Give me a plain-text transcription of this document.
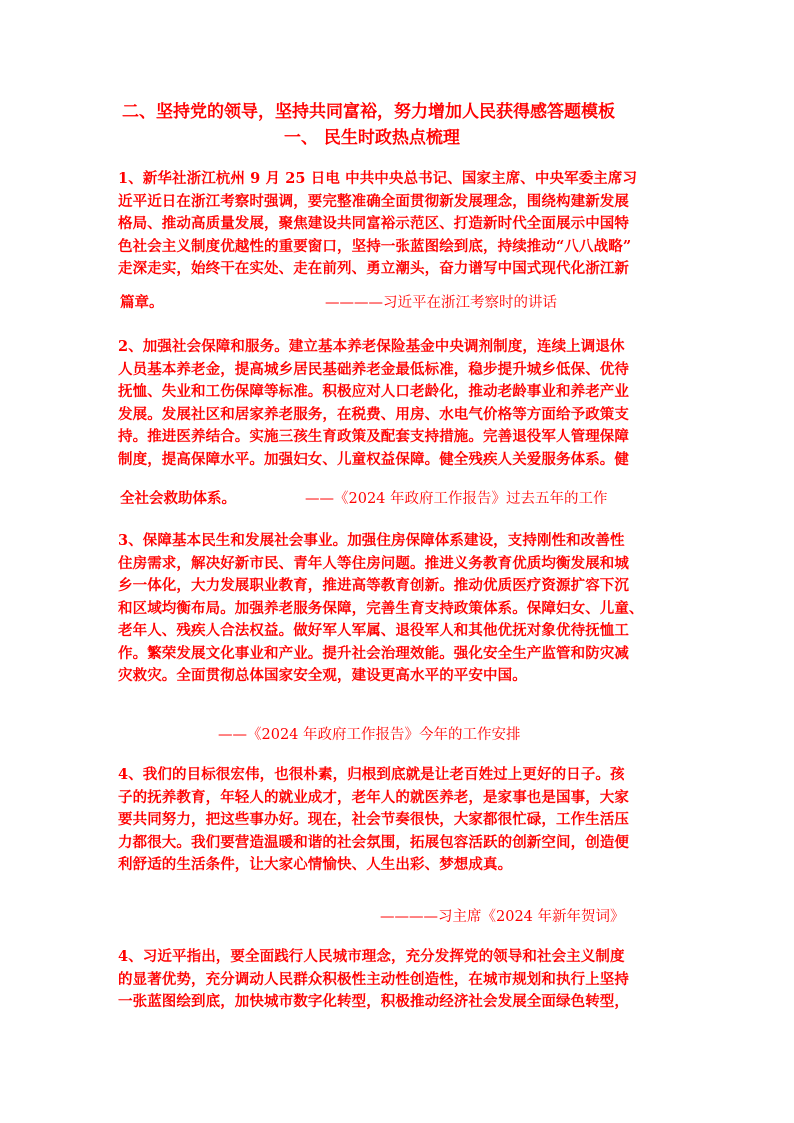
二、坚持党的领导，坚持共同富裕，努力增加人民获得感答题模板
一、 民生时政热点梳理
1、新华社浙江杭州 9 月 25 日电 中共中央总书记、国家主席、中央军委主席习
近平近日在浙江考察时强调，要完整准确全面贯彻新发展理念，围绕构建新发展
格局、推动高质量发展，聚焦建设共同富裕示范区、打造新时代全面展示中国特
色社会主义制度优越性的重要窗口，坚持一张蓝图绘到底，持续推动“八八战略”
走深走实，始终干在实处、走在前列、勇立潮头，奋力谱写中国式现代化浙江新
篇章。	————习近平在浙江考察时的讲话
2、加强社会保障和服务。建立基本养老保险基金中央调剂制度，连续上调退休
人员基本养老金，提高城乡居民基础养老金最低标准，稳步提升城乡低保、优待
抚恤、失业和工伤保障等标准。积极应对人口老龄化，推动老龄事业和养老产业
发展。发展社区和居家养老服务，在税费、用房、水电气价格等方面给予政策支
持。推进医养结合。实施三孩生育政策及配套支持措施。完善退役军人管理保障
制度，提高保障水平。加强妇女、儿童权益保障。健全残疾人关爱服务体系。健
全社会救助体系。	——《2024 年政府工作报告》过去五年的工作
3、保障基本民生和发展社会事业。加强住房保障体系建设，支持刚性和改善性
住房需求，解决好新市民、青年人等住房问题。推进义务教育优质均衡发展和城
乡一体化，大力发展职业教育，推进高等教育创新。推动优质医疗资源扩容下沉
和区域均衡布局。加强养老服务保障，完善生育支持政策体系。保障妇女、儿童、
老年人、残疾人合法权益。做好军人军属、退役军人和其他优抚对象优待抚恤工
作。繁荣发展文化事业和产业。提升社会治理效能。强化安全生产监管和防灾减
灾救灾。全面贯彻总体国家安全观，建设更高水平的平安中国。
——《2024 年政府工作报告》今年的工作安排
4、我们的目标很宏伟，也很朴素，归根到底就是让老百姓过上更好的日子。孩
子的抚养教育，年轻人的就业成才，老年人的就医养老，是家事也是国事，大家
要共同努力，把这些事办好。现在，社会节奏很快，大家都很忙碌，工作生活压
力都很大。我们要营造温暖和谐的社会氛围，拓展包容活跃的创新空间，创造便
利舒适的生活条件，让大家心情愉快、人生出彩、梦想成真。
————习主席《2024 年新年贺词》
4、习近平指出，要全面践行人民城市理念，充分发挥党的领导和社会主义制度
的显著优势，充分调动人民群众积极性主动性创造性，在城市规划和执行上坚持
一张蓝图绘到底，加快城市数字化转型，积极推动经济社会发展全面绿色转型，
